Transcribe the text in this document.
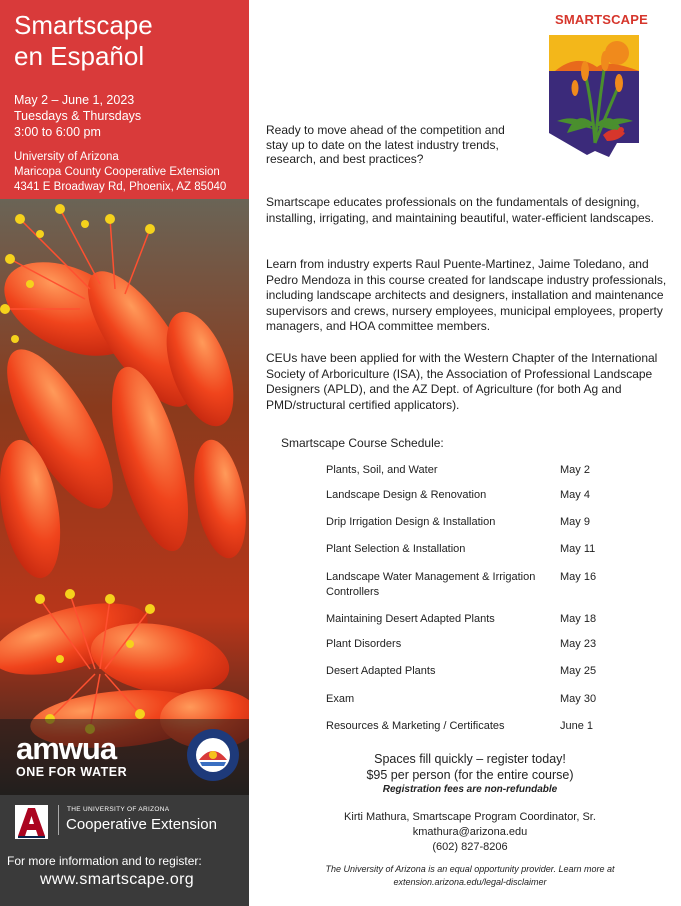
Smartscape
en Español
May 2 – June 1, 2023
Tuesdays & Thursdays
3:00 to 6:00 pm
University of Arizona
Maricopa County Cooperative Extension
4341 E Broadway Rd, Phoenix, AZ 85040
amwua
ONE FOR WATER
THE UNIVERSITY OF ARIZONA
Cooperative Extension
For more information and to register:
www.smartscape.org
SMARTSCAPE
Ready to move ahead of the competition and stay up to date on the latest industry trends, research, and best practices?
Smartscape educates professionals on the fundamentals of designing, installing, irrigating, and maintaining beautiful, water-efficient landscapes.
Learn from industry experts Raul Puente-Martinez, Jaime Toledano, and Pedro Mendoza in this course created for landscape industry professionals, including landscape architects and designers, installation and maintenance supervisors and crews, nursery employees, municipal employees, property managers, and HOA committee members.
CEUs have been applied for with the Western Chapter of the International Society of Arboriculture (ISA), the Association of Professional Landscape Designers (APLD), and the AZ Dept. of Agriculture (for both Ag and PMD/structural certified applicators).
Smartscape Course Schedule:
Plants, Soil, and Water	May 2
Landscape Design & Renovation	May 4
Drip Irrigation Design & Installation	May 9
Plant Selection & Installation	May 11
Landscape Water Management & Irrigation Controllers
May 16
Maintaining Desert Adapted Plants	May 18
Plant Disorders	May 23
Desert Adapted Plants	May 25
Exam	May 30
Resources & Marketing / Certificates	June 1
Spaces fill quickly – register today!
$95 per person (for the entire course)
Registration fees are non-refundable
Kirti Mathura, Smartscape Program Coordinator, Sr.
kmathura@arizona.edu
(602) 827-8206
The University of Arizona is an equal opportunity provider. Learn more at
extension.arizona.edu/legal-disclaimer
